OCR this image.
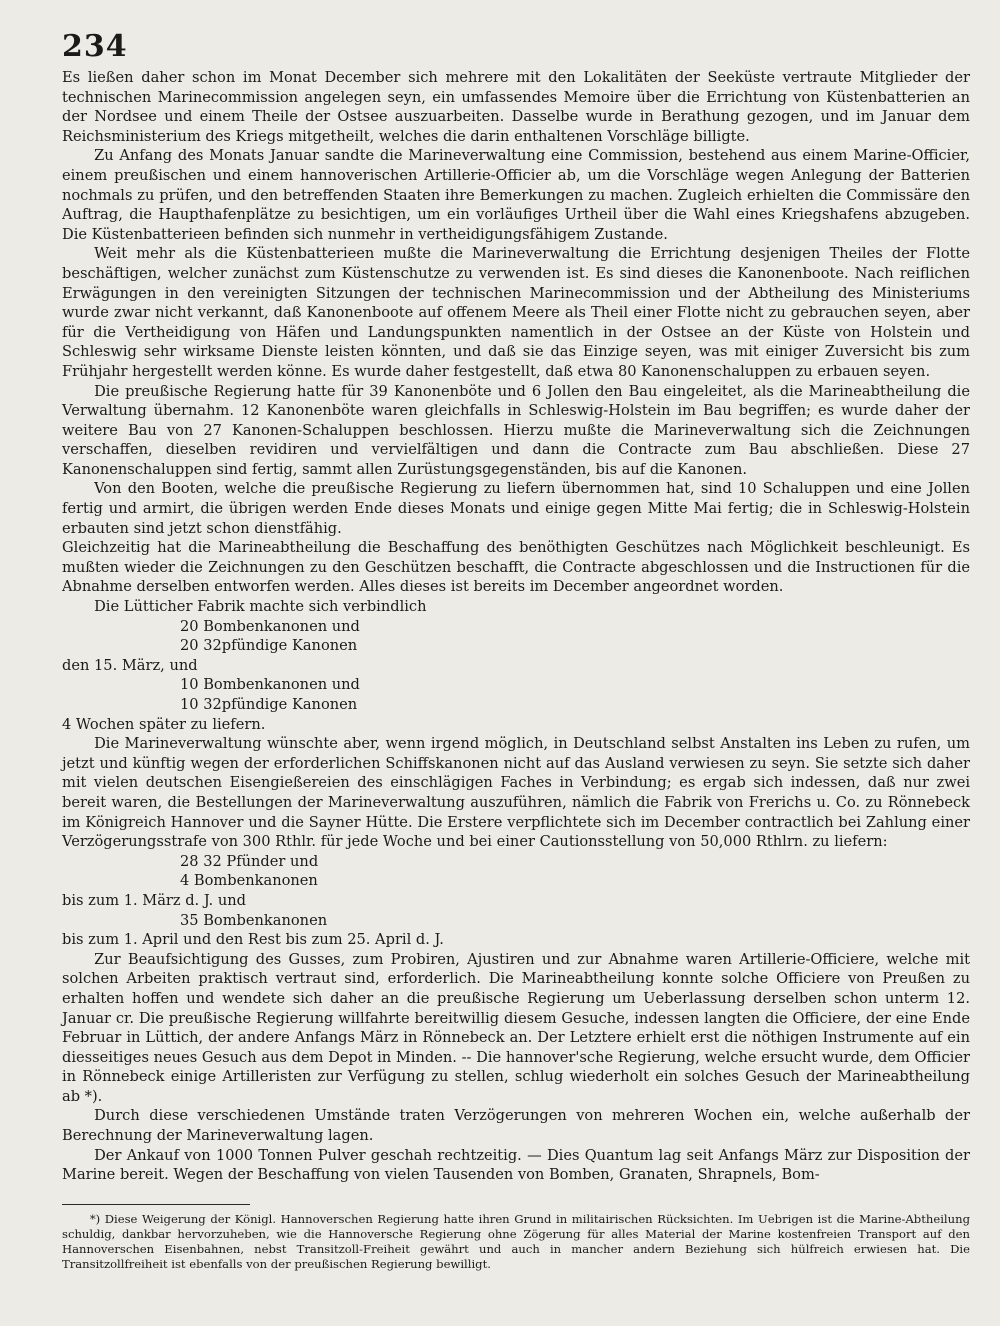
234

Es ließen daher schon im Monat December sich mehrere mit den Lokalitäten der Seeküste vertraute Mitglieder der technischen Marinecommission angelegen seyn, ein umfassendes Memoire über die Errichtung von Küstenbatterien an der Nordsee und einem Theile der Ostsee auszuarbeiten. Dasselbe wurde in Berathung gezogen, und im Januar dem Reichsministerium des Kriegs mitgetheilt, welches die darin enthaltenen Vorschläge billigte.

Zu Anfang des Monats Januar sandte die Marineverwaltung eine Commission, bestehend aus einem Marine-Officier, einem preußischen und einem hannoverischen Artillerie-Officier ab, um die Vorschläge wegen Anlegung der Batterien nochmals zu prüfen, und den betreffenden Staaten ihre Bemerkungen zu machen. Zugleich erhielten die Commissäre den Auftrag, die Haupthafenplätze zu besichtigen, um ein vorläufiges Urtheil über die Wahl eines Kriegshafens abzugeben. Die Küstenbatterieen befinden sich nunmehr in vertheidigungsfähigem Zustande.

Weit mehr als die Küstenbatterieen mußte die Marineverwaltung die Errichtung desjenigen Theiles der Flotte beschäftigen, welcher zunächst zum Küstenschutze zu verwenden ist. Es sind dieses die Kanonenboote. Nach reiflichen Erwägungen in den vereinigten Sitzungen der technischen Marinecommission und der Abtheilung des Ministeriums wurde zwar nicht verkannt, daß Kanonenboote auf offenem Meere als Theil einer Flotte nicht zu gebrauchen seyen, aber für die Vertheidigung von Häfen und Landungspunkten namentlich in der Ostsee an der Küste von Holstein und Schleswig sehr wirksame Dienste leisten könnten, und daß sie das Einzige seyen, was mit einiger Zuversicht bis zum Frühjahr hergestellt werden könne. Es wurde daher festgestellt, daß etwa 80 Kanonenschaluppen zu erbauen seyen.

Die preußische Regierung hatte für 39 Kanonenböte und 6 Jollen den Bau eingeleitet, als die Marineabtheilung die Verwaltung übernahm. 12 Kanonenböte waren gleichfalls in Schleswig-Holstein im Bau begriffen; es wurde daher der weitere Bau von 27 Kanonen-Schaluppen beschlossen. Hierzu mußte die Marineverwaltung sich die Zeichnungen verschaffen, dieselben revidiren und vervielfältigen und dann die Contracte zum Bau abschließen. Diese 27 Kanonenschaluppen sind fertig, sammt allen Zurüstungsgegenständen, bis auf die Kanonen.

Von den Booten, welche die preußische Regierung zu liefern übernommen hat, sind 10 Schaluppen und eine Jollen fertig und armirt, die übrigen werden Ende dieses Monats und einige gegen Mitte Mai fertig; die in Schleswig-Holstein erbauten sind jetzt schon dienstfähig.

Gleichzeitig hat die Marineabtheilung die Beschaffung des benöthigten Geschützes nach Möglichkeit beschleunigt. Es mußten wieder die Zeichnungen zu den Geschützen beschafft, die Contracte abgeschlossen und die Instructionen für die Abnahme derselben entworfen werden. Alles dieses ist bereits im December angeordnet worden.

Die Lütticher Fabrik machte sich verbindlich

20 Bombenkanonen und
20 32pfündige Kanonen
den 15. März, und
10 Bombenkanonen und
10 32pfündige Kanonen
4 Wochen später zu liefern.

Die Marineverwaltung wünschte aber, wenn irgend möglich, in Deutschland selbst Anstalten ins Leben zu rufen, um jetzt und künftig wegen der erforderlichen Schiffskanonen nicht auf das Ausland verwiesen zu seyn. Sie setzte sich daher mit vielen deutschen Eisengießereien des einschlägigen Faches in Verbindung; es ergab sich indessen, daß nur zwei bereit waren, die Bestellungen der Marineverwaltung auszuführen, nämlich die Fabrik von Frerichs u. Co. zu Rönnebeck im Königreich Hannover und die Sayner Hütte. Die Erstere verpflichtete sich im December contractlich bei Zahlung einer Verzögerungsstrafe von 300 Rthlr. für jede Woche und bei einer Cautionsstellung von 50,000 Rthlrn. zu liefern:

28 32 Pfünder und
4 Bombenkanonen
bis zum 1. März d. J. und
35 Bombenkanonen
bis zum 1. April und den Rest bis zum 25. April d. J.

Zur Beaufsichtigung des Gusses, zum Probiren, Ajustiren und zur Abnahme waren Artillerie-Officiere, welche mit solchen Arbeiten praktisch vertraut sind, erforderlich. Die Marineabtheilung konnte solche Officiere von Preußen zu erhalten hoffen und wendete sich daher an die preußische Regierung um Ueberlassung derselben schon unterm 12. Januar cr. Die preußische Regierung willfahrte bereitwillig diesem Gesuche, indessen langten die Officiere, der eine Ende Februar in Lüttich, der andere Anfangs März in Rönnebeck an. Der Letztere erhielt erst die nöthigen Instrumente auf ein diesseitiges neues Gesuch aus dem Depot in Minden. -- Die hannover'sche Regierung, welche ersucht wurde, dem Officier in Rönnebeck einige Artilleristen zur Verfügung zu stellen, schlug wiederholt ein solches Gesuch der Marineabtheilung ab *).

Durch diese verschiedenen Umstände traten Verzögerungen von mehreren Wochen ein, welche außerhalb der Berechnung der Marineverwaltung lagen.

Der Ankauf von 1000 Tonnen Pulver geschah rechtzeitig. — Dies Quantum lag seit Anfangs März zur Disposition der Marine bereit. Wegen der Beschaffung von vielen Tausenden von Bomben, Granaten, Shrapnels, Bom-

*) Diese Weigerung der Königl. Hannoverschen Regierung hatte ihren Grund in militairischen Rücksichten. Im Uebrigen ist die Marine-Abtheilung schuldig, dankbar hervorzuheben, wie die Hannoversche Regierung ohne Zögerung für alles Material der Marine kostenfreien Transport auf den Hannoverschen Eisenbahnen, nebst Transitzoll-Freiheit gewährt und auch in mancher andern Beziehung sich hülfreich erwiesen hat. Die Transitzollfreiheit ist ebenfalls von der preußischen Regierung bewilligt.
